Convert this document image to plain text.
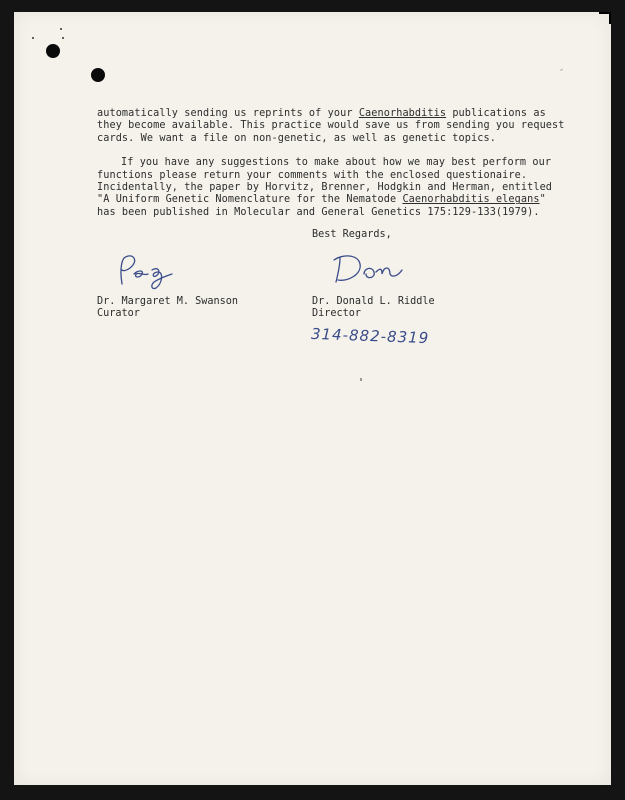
″

automatically sending us reprints of your Caenorhabditis publications as they become available. This practice would save us from sending you request cards. We want a file on non-genetic, as well as genetic topics.

If you have any suggestions to make about how we may best perform our functions please return your comments with the enclosed questionaire. Incidentally, the paper by Horvitz, Brenner, Hodgkin and Herman, entitled "A Uniform Genetic Nomenclature for the Nematode Caenorhabditis elegans" has been published in Molecular and General Genetics 175:129-133(1979).

Best Regards,
Dr. Margaret M. Swanson
Curator
Dr. Donald L. Riddle
Director
314-882-8319
